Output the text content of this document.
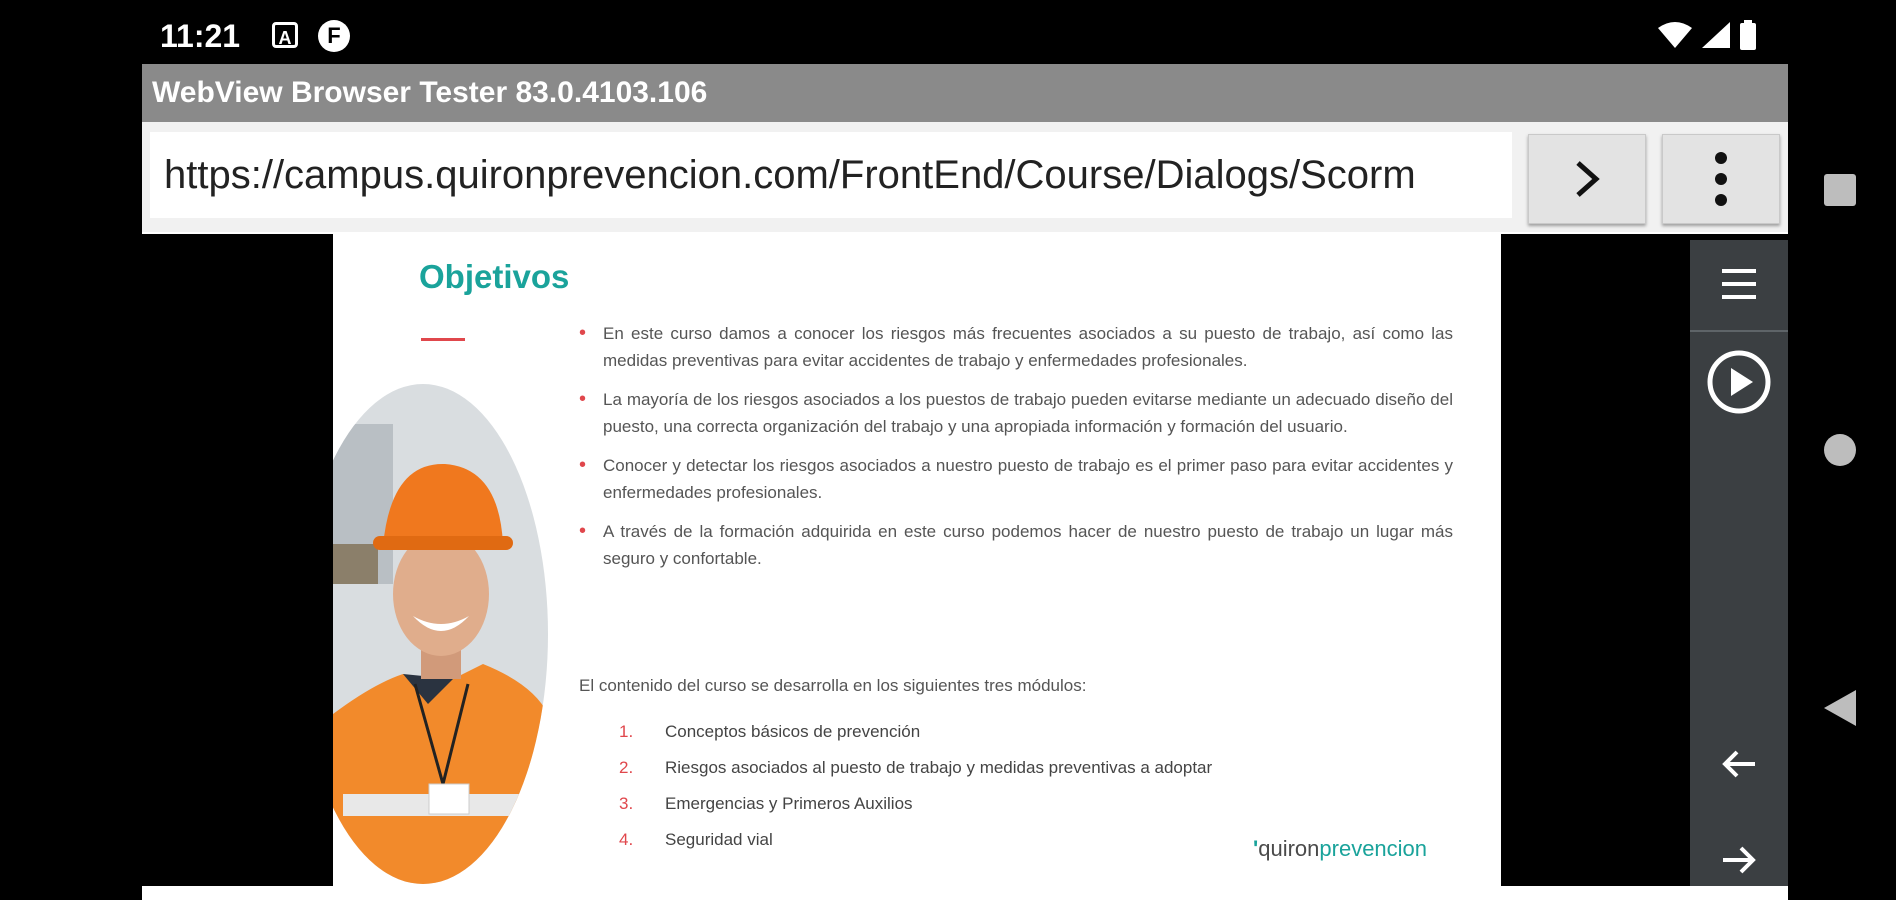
11:21	A	F
WebView Browser Tester 83.0.4103.106
https://campus.quironprevencion.com/FrontEnd/Course/Dialogs/Scorm
Objetivos
• En este curso damos a conocer los riesgos más frecuentes asociados a su puesto de trabajo, así como las medidas preventivas para evitar accidentes de trabajo y enfermedades profesionales.
• La mayoría de los riesgos asociados a los puestos de trabajo pueden evitarse mediante un adecuado diseño del puesto, una correcta organización del trabajo y una apropiada información y formación del usuario.
• Conocer y detectar los riesgos asociados a nuestro puesto de trabajo es el primer paso para evitar accidentes y enfermedades profesionales.
• A través de la formación adquirida en este curso podemos hacer de nuestro puesto de trabajo un lugar más seguro y confortable.
El contenido del curso se desarrolla en los siguientes tres módulos:
1. Conceptos básicos de prevención
2. Riesgos asociados al puesto de trabajo y medidas preventivas a adoptar
3. Emergencias y Primeros Auxilios
4. Seguridad vial	'quironprevencion
